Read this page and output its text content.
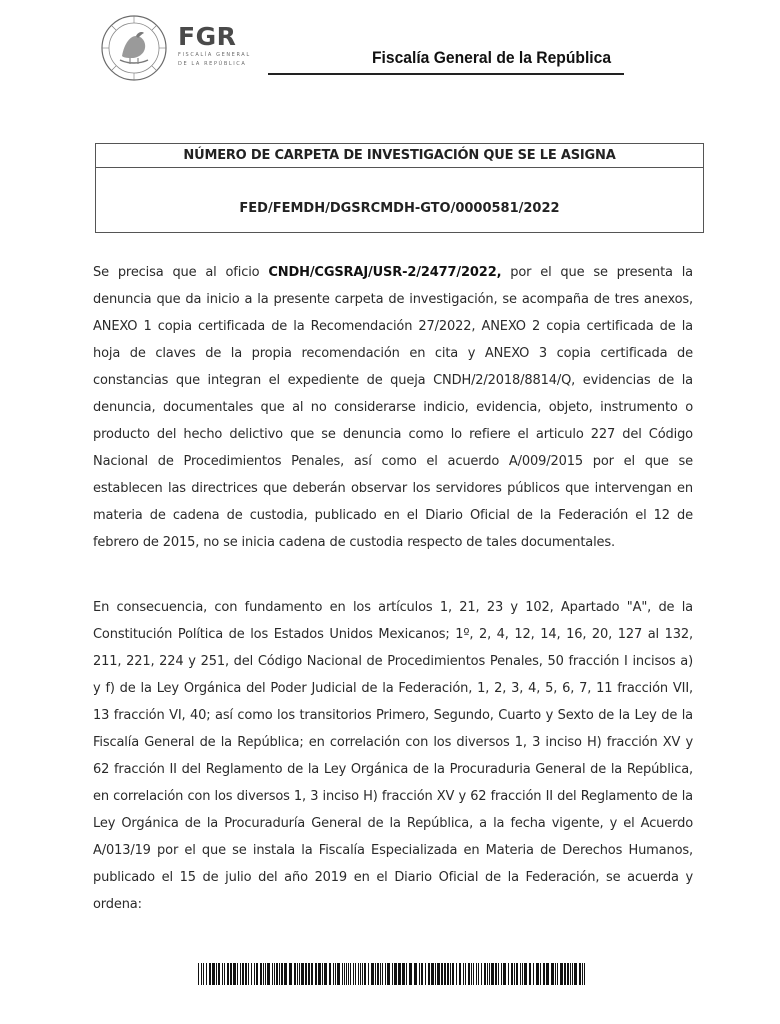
FGR
FISCALÍA GENERAL
DE LA REPÚBLICA	Fiscalía General de la República
NÚMERO DE CARPETA DE INVESTIGACIÓN QUE SE LE ASIGNA
FED/FEMDH/DGSRCMDH-GTO/0000581/2022

Se precisa que al oficio CNDH/CGSRAJ/USR-2/2477/2022, por el que se presenta la denuncia que da inicio a la presente carpeta de investigación, se acompaña de tres anexos, ANEXO 1 copia certificada de la Recomendación 27/2022, ANEXO 2 copia certificada de la hoja de claves de la propia recomendación en cita y ANEXO 3 copia certificada de constancias que integran el expediente de queja CNDH/2/2018/8814/Q, evidencias de la denuncia, documentales que al no considerarse indicio, evidencia, objeto, instrumento o producto del hecho delictivo que se denuncia como lo refiere el articulo 227 del Código Nacional de Procedimientos Penales, así como el acuerdo A/009/2015 por el que se establecen las directrices que deberán observar los servidores públicos que intervengan en materia de cadena de custodia, publicado en el Diario Oficial de la Federación el 12 de febrero de 2015, no se inicia cadena de custodia respecto de tales documentales.

En consecuencia, con fundamento en los artículos 1, 21, 23 y 102, Apartado "A", de la Constitución Política de los Estados Unidos Mexicanos; 1º, 2, 4, 12, 14, 16, 20, 127 al 132, 211, 221, 224 y 251, del Código Nacional de Procedimientos Penales, 50 fracción I incisos a) y f) de la Ley Orgánica del Poder Judicial de la Federación, 1, 2, 3, 4, 5, 6, 7, 11 fracción VII, 13 fracción VI, 40; así como los transitorios Primero, Segundo, Cuarto y Sexto de la Ley de la Fiscalía General de la República; en correlación con los diversos 1, 3 inciso H) fracción XV y 62 fracción II del Reglamento de la Ley Orgánica de la Procuraduria General de la República, en correlación con los diversos 1, 3 inciso H) fracción XV y 62 fracción II del Reglamento de la Ley Orgánica de la Procuraduría General de la República, a la fecha vigente, y el Acuerdo A/013/19 por el que se instala la Fiscalía Especializada en Materia de Derechos Humanos, publicado el 15 de julio del año 2019 en el Diario Oficial de la Federación, se acuerda y ordena:
